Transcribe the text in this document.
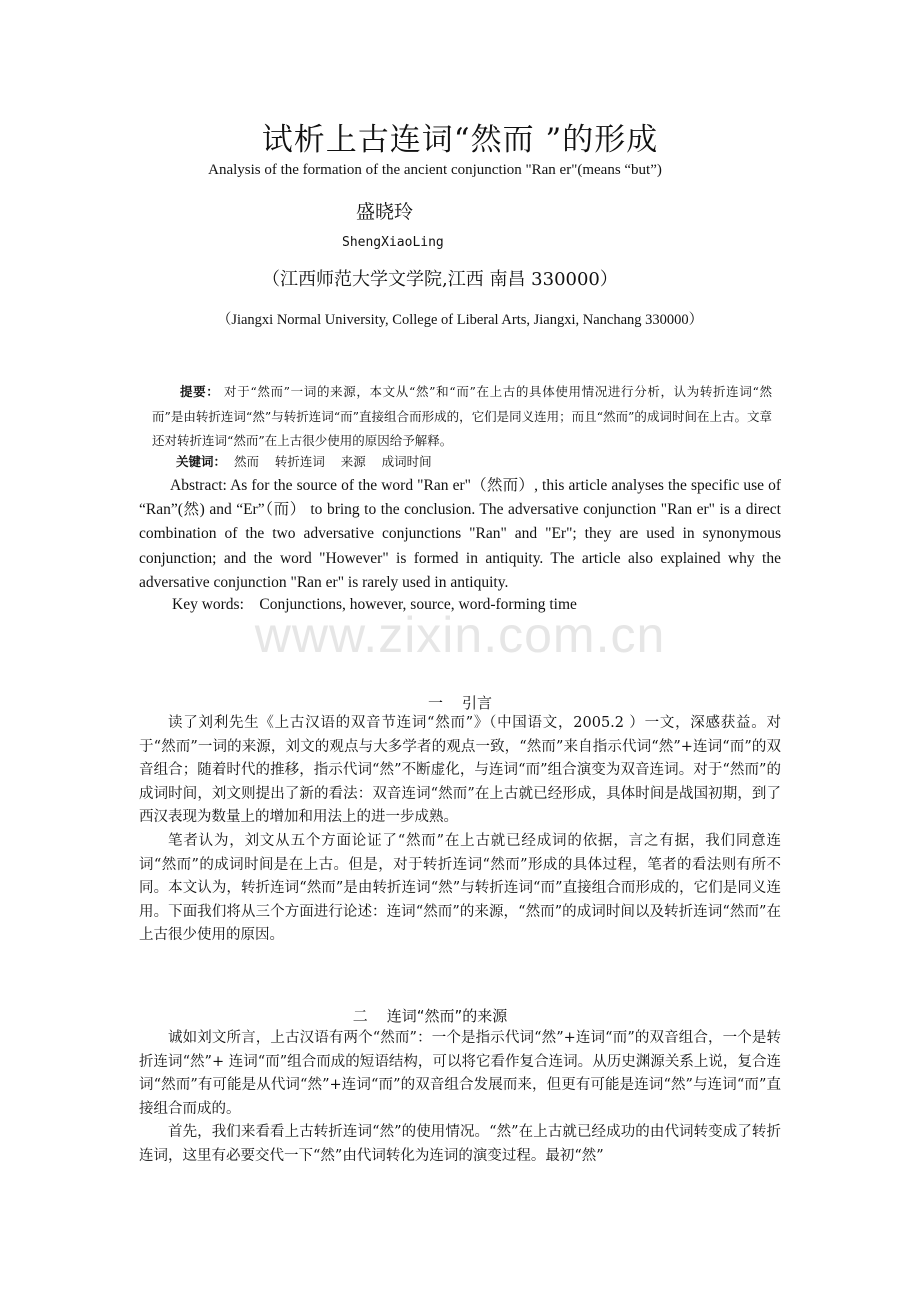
试析上古连词“然而 ”的形成
Analysis of the formation of the ancient conjunction "Ran er"(means “but”)
盛晓玲
ShengXiaoLing
（江西师范大学文学院,江西 南昌 330000）
（Jiangxi Normal University, College of Liberal Arts, Jiangxi, Nanchang 330000）
提要： 对于“然而”一词的来源，本文从“然”和“而”在上古的具体使用情况进行分析，认为转折连词“然而”是由转折连词“然”与转折连词“而”直接组合而形成的，它们是同义连用；而且“然而”的成词时间在上古。文章还对转折连词“然而”在上古很少使用的原因给予解释。
关键词：  然而    转折连词    来源    成词时间
Abstract: As for the source of the word "Ran er"（然而）, this article analyses the specific use of “Ran”(然) and “Er”（而） to bring to the conclusion. The adversative conjunction "Ran er" is a direct combination of the two adversative conjunctions "Ran" and "Er"; they are used in synonymous conjunction; and the word "However" is formed in antiquity. The article also explained why the adversative conjunction "Ran er" is rarely used in antiquity.
Key words:    Conjunctions, however, source, word-forming time
www.zixin.com.cn
一    引言

读了刘利先生《上古汉语的双音节连词“然而”》（中国语文，2005.2 ）一文，深感获益。对于“然而”一词的来源，刘文的观点与大多学者的观点一致，“然而”来自指示代词“然”+连词“而”的双音组合；随着时代的推移，指示代词“然”不断虚化，与连词“而”组合演变为双音连词。对于“然而”的成词时间，刘文则提出了新的看法：双音连词“然而”在上古就已经形成，具体时间是战国初期，到了西汉表现为数量上的增加和用法上的进一步成熟。

笔者认为，刘文从五个方面论证了“然而”在上古就已经成词的依据，言之有据，我们同意连词“然而”的成词时间是在上古。但是，对于转折连词“然而”形成的具体过程，笔者的看法则有所不同。本文认为，转折连词“然而”是由转折连词“然”与转折连词“而”直接组合而形成的，它们是同义连用。下面我们将从三个方面进行论述：连词“然而”的来源，“然而”的成词时间以及转折连词“然而”在上古很少使用的原因。

二    连词“然而”的来源

诚如刘文所言，上古汉语有两个“然而”：一个是指示代词“然”+连词“而”的双音组合，一个是转折连词“然”+ 连词“而”组合而成的短语结构，可以将它看作复合连词。从历史渊源关系上说，复合连词“然而”有可能是从代词“然”+连词“而”的双音组合发展而来，但更有可能是连词“然”与连词“而”直接组合而成的。

首先，我们来看看上古转折连词“然”的使用情况。“然”在上古就已经成功的由代词转变成了转折连词，这里有必要交代一下“然”由代词转化为连词的演变过程。最初“然”
